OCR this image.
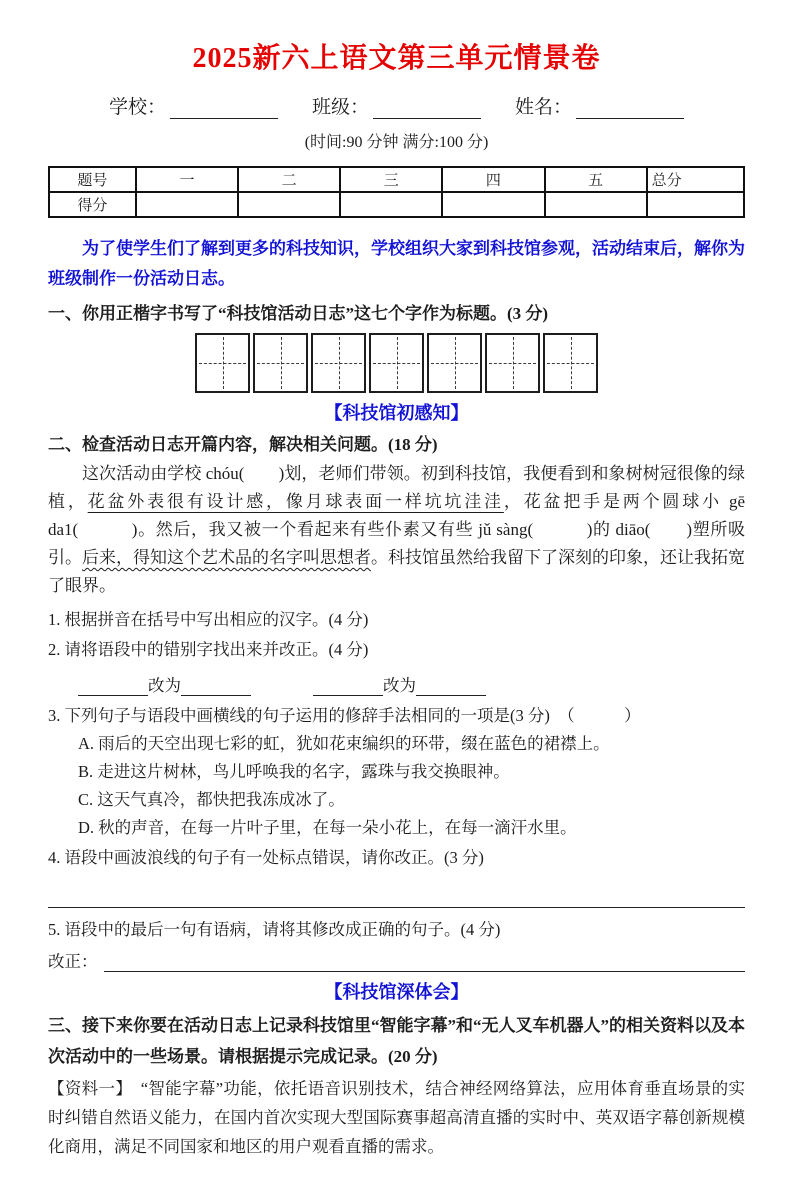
2025新六上语文第三单元情景卷
学校：	班级：	姓名：
(时间:90 分钟 满分:100 分)
题号	一	二	三	四	五	总分
得分						
为了使学生们了解到更多的科技知识，学校组织大家到科技馆参观，活动结束后，解你为班级制作一份活动日志。
一、你用正楷字书写了“科技馆活动日志”这七个字作为标题。(3 分)
【科技馆初感知】
二、检查活动日志开篇内容，解决相关问题。(18 分)

这次活动由学校 chóu(　　)划，老师们带领。初到科技馆，我便看到和象树树冠很像的绿植，花盆外表很有设计感，像月球表面一样坑坑洼洼，花盆把手是两个圆球小 gē da1(　　　)。然后，我又被一个看起来有些仆素又有些 jǔ sàng(　　　)的 diāo(　　)塑所吸引。后来，得知这个艺术品的名字叫思想者。科技馆虽然给我留下了深刻的印象，还让我拓宽了眼界。

1. 根据拼音在括号中写出相应的汉字。(4 分)
2. 请将语段中的错别字找出来并改正。(4 分)
改为	改为
3. 下列句子与语段中画横线的句子运用的修辞手法相同的一项是(3 分)　（　　　）
A. 雨后的天空出现七彩的虹，犹如花束编织的环带，缀在蓝色的裙襟上。
B. 走进这片树林，鸟儿呼唤我的名字，露珠与我交换眼神。
C. 这天气真冷，都快把我冻成冰了。
D. 秋的声音，在每一片叶子里，在每一朵小花上，在每一滴汗水里。
4. 语段中画波浪线的句子有一处标点错误，请你改正。(3 分)
5. 语段中的最后一句有语病，请将其修改成正确的句子。(4 分)
改正：
【科技馆深体会】
三、接下来你要在活动日志上记录科技馆里“智能字幕”和“无人叉车机器人”的相关资料以及本次活动中的一些场景。请根据提示完成记录。(20 分)
【资料一】　“智能字幕”功能，依托语音识别技术，结合神经网络算法，应用体育垂直场景的实时纠错自然语义能力，在国内首次实现大型国际赛事超高清直播的实时中、英双语字幕创新规模化商用，满足不同国家和地区的用户观看直播的需求。
